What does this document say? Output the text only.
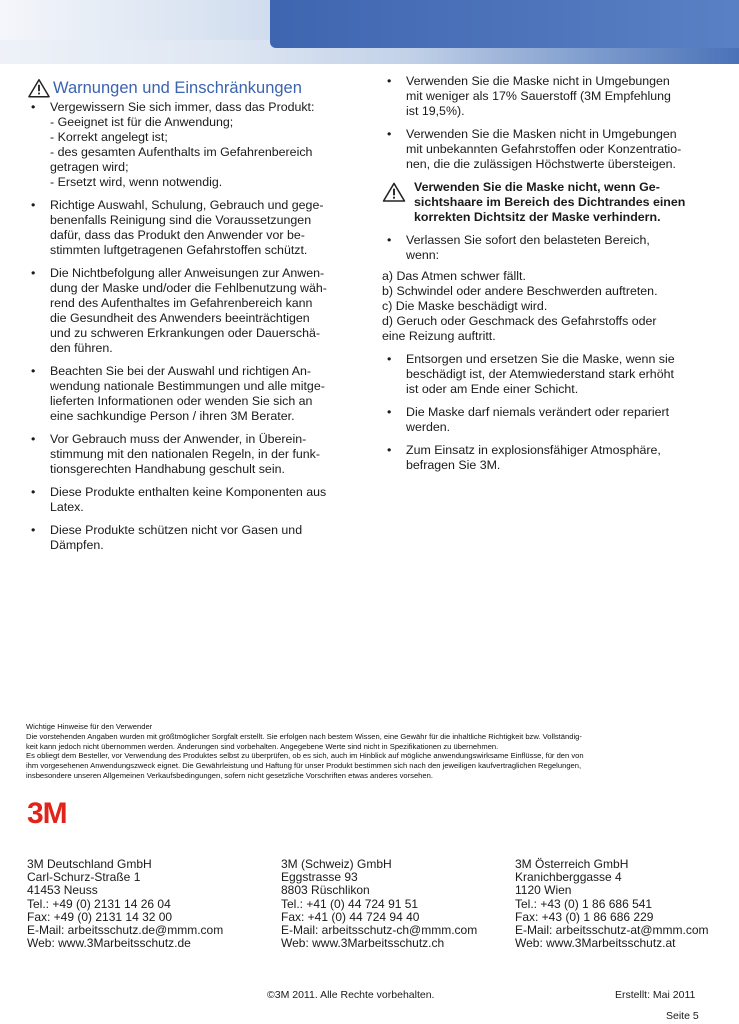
Warnungen und Einschränkungen
• Vergewissern Sie sich immer, dass das Produkt:
- Geeignet ist für die Anwendung;
- Korrekt angelegt ist;
- des gesamten Aufenthalts im Gefahrenbereich
getragen wird;
- Ersetzt wird, wenn notwendig.
• Richtige Auswahl, Schulung, Gebrauch und gege-
benenfalls Reinigung sind die Voraussetzungen
dafür, dass das Produkt den Anwender vor be-
stimmten luftgetragenen Gefahrstoffen schützt.
• Die Nichtbefolgung aller Anweisungen zur Anwen-
dung der Maske und/oder die Fehlbenutzung wäh-
rend des Aufenthaltes im Gefahrenbereich kann
die Gesundheit des Anwenders beeinträchtigen
und zu schweren Erkrankungen oder Dauerschä-
den führen.
• Beachten Sie bei der Auswahl und richtigen An-
wendung nationale Bestimmungen und alle mitge-
lieferten Informationen oder wenden Sie sich an
eine sachkundige Person / ihren 3M Berater.
• Vor Gebrauch muss der Anwender, in Überein-
stimmung mit den nationalen Regeln, in der funk-
tionsgerechten Handhabung geschult sein.
• Diese Produkte enthalten keine Komponenten aus
Latex.
• Diese Produkte schützen nicht vor Gasen und
Dämpfen.
• Verwenden Sie die Maske nicht in Umgebungen
mit weniger als 17% Sauerstoff (3M Empfehlung
ist 19,5%).
• Verwenden Sie die Masken nicht in Umgebungen
mit unbekannten Gefahrstoffen oder Konzentratio-
nen, die die zulässigen Höchstwerte übersteigen.
Verwenden Sie die Maske nicht, wenn Ge-
sichtshaare im Bereich des Dichtrandes einen
korrekten Dichtsitz der Maske verhindern.
• Verlassen Sie sofort den belasteten Bereich,
wenn:
a) Das Atmen schwer fällt.
b) Schwindel oder andere Beschwerden auftreten.
c) Die Maske beschädigt wird.
d) Geruch oder Geschmack des Gefahrstoffs oder
eine Reizung auftritt.
• Entsorgen und ersetzen Sie die Maske, wenn sie
beschädigt ist, der Atemwiederstand stark erhöht
ist oder am Ende einer Schicht.
• Die Maske darf niemals verändert oder repariert
werden.
• Zum Einsatz in explosionsfähiger Atmosphäre,
befragen Sie 3M.
Wichtige Hinweise für den Verwender
Die vorstehenden Angaben wurden mit größtmöglicher Sorgfalt erstellt. Sie erfolgen nach bestem Wissen, eine Gewähr für die inhaltliche Richtigkeit bzw. Vollständig-
keit kann jedoch nicht übernommen werden. Änderungen sind vorbehalten. Angegebene Werte sind nicht in Spezifikationen zu übernehmen.
Es obliegt dem Besteller, vor Verwendung des Produktes selbst zu überprüfen, ob es sich, auch im Hinblick auf mögliche anwendungswirksame Einflüsse, für den von
ihm vorgesehenen Anwendungszweck eignet. Die Gewährleistung und Haftung für unser Produkt bestimmen sich nach den jeweiligen kaufvertraglichen Regelungen,
insbesondere unseren Allgemeinen Verkaufsbedingungen, sofern nicht gesetzliche Vorschriften etwas anderes vorsehen.
3M
3M Deutschland GmbH
Carl-Schurz-Straße 1
41453 Neuss
Tel.: +49 (0) 2131 14 26 04
Fax: +49 (0) 2131 14 32 00
E-Mail: arbeitsschutz.de@mmm.com
Web: www.3Marbeitsschutz.de
3M (Schweiz) GmbH
Eggstrasse 93
8803 Rüschlikon
Tel.: +41 (0) 44 724 91 51
Fax: +41 (0) 44 724 94 40
E-Mail: arbeitsschutz-ch@mmm.com
Web: www.3Marbeitsschutz.ch
3M Österreich GmbH
Kranichberggasse 4
1120 Wien
Tel.: +43 (0) 1 86 686 541
Fax: +43 (0) 1 86 686 229
E-Mail: arbeitsschutz-at@mmm.com
Web: www.3Marbeitsschutz.at
©3M 2011. Alle Rechte vorbehalten.	Erstellt: Mai 2011
Seite 5
